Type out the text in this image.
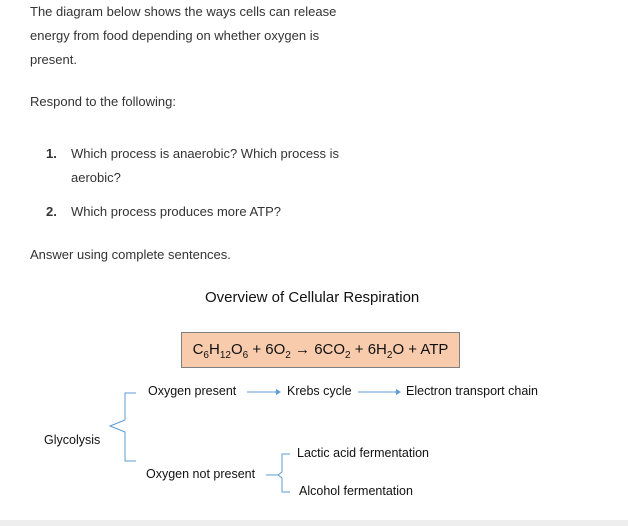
The diagram below shows the ways cells can release energy from food depending on whether oxygen is present.
Respond to the following:
1. Which process is anaerobic? Which process is aerobic?
2. Which process produces more ATP?
Answer using complete sentences.
Overview of Cellular Respiration
$C_6H_{12}O_6 + 6O_2 \to 6CO_2 + 6H_2O$ + ATP
Glycolysis
Oxygen present	Krebs cycle	Electron transport chain
Oxygen not present
Lactic acid fermentation
Alcohol fermentation
